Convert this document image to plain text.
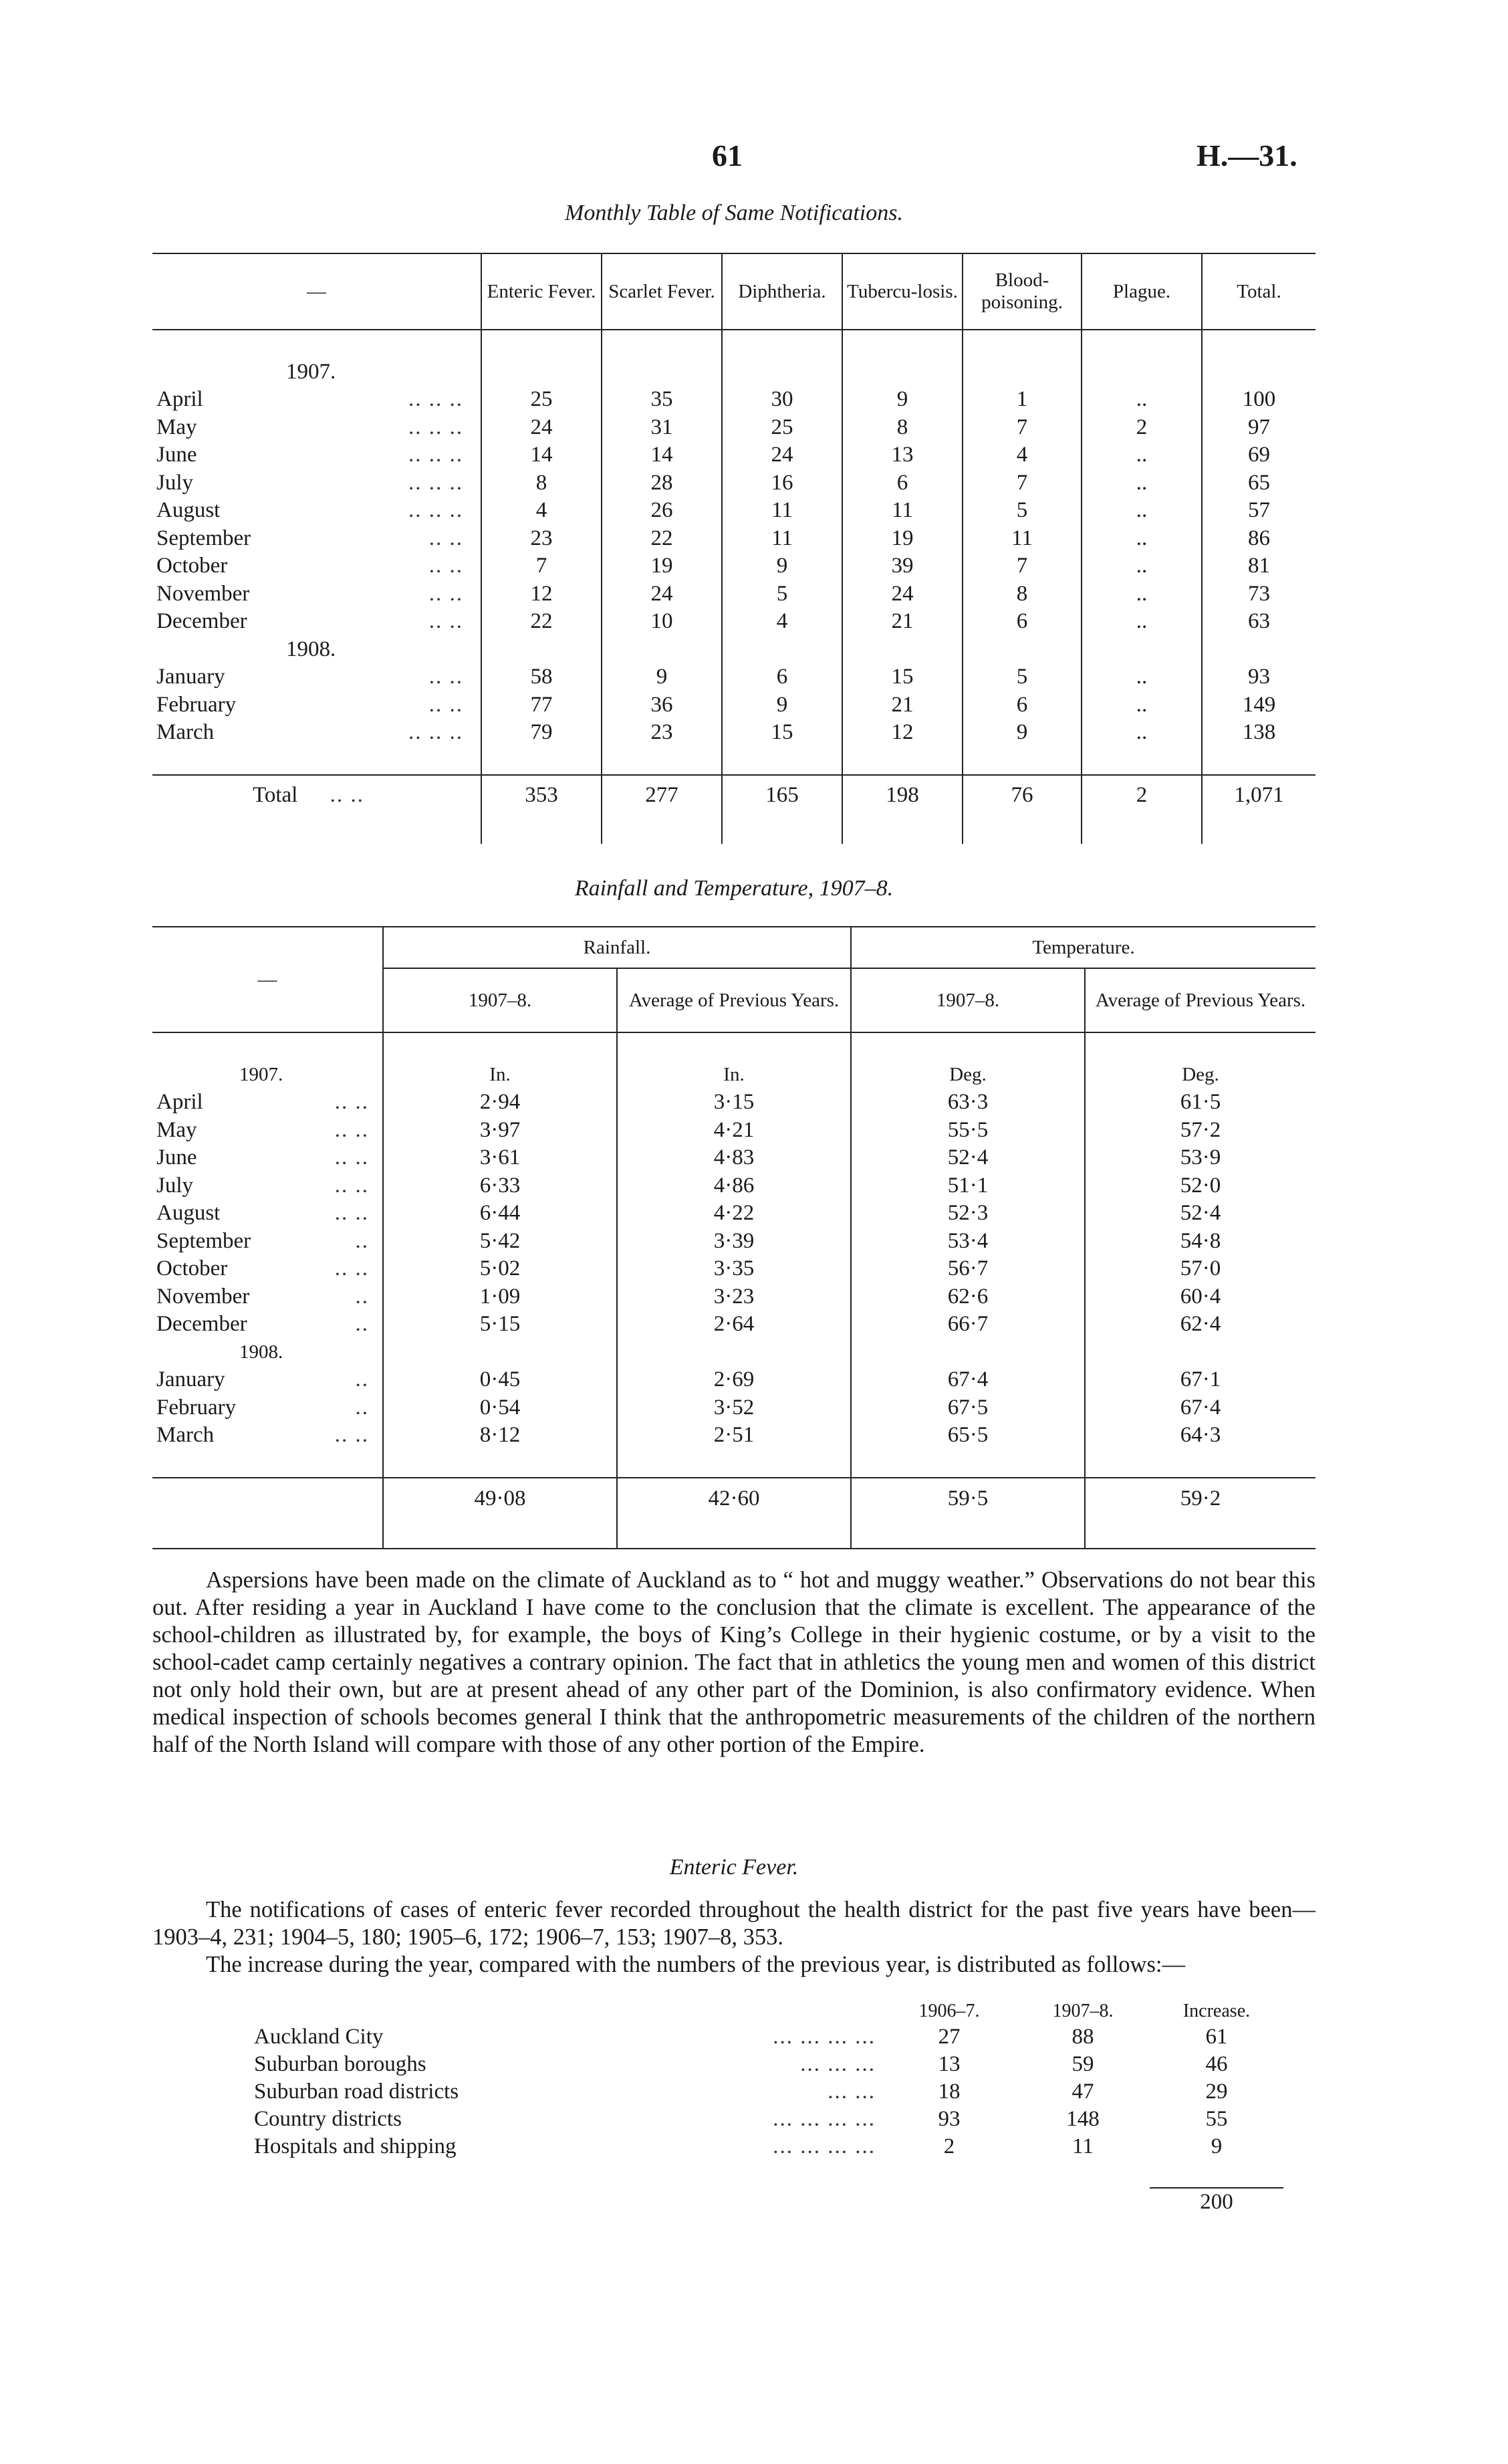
61	H.—31.
Monthly Table of Same Notifications.
—	Enteric Fever.	Scarlet Fever.	Diphtheria.	Tubercu-losis.	Blood-poisoning.	Plague.	Total.

1907.							
April .. .. ..	25	35	30	9	1	..	100
May .. .. ..	24	31	25	8	7	2	97
June .. .. ..	14	14	24	13	4	..	69
July .. .. ..	8	28	16	6	7	..	65
August .. .. ..	4	26	11	11	5	..	57
September .. ..	23	22	11	19	11	..	86
October .. ..	7	19	9	39	7	..	81
November .. ..	12	24	5	24	8	..	73
December .. ..	22	10	4	21	6	..	63
1908.							
January .. ..	58	9	6	15	5	..	93
February .. ..	77	36	9	21	6	..	149
March .. .. ..	79	23	15	12	9	..	138

Total .. ..	353	277	165	198	76	2	1,071

Rainfall and Temperature, 1907–8.
—	Rainfall.		Temperature.	
	1907–8.	Average of Previous Years.	1907–8.	Average of Previous Years.

1907.	In.	In.	Deg.	Deg.
April .. ..	2·94	3·15	63·3	61·5
May .. ..	3·97	4·21	55·5	57·2
June .. ..	3·61	4·83	52·4	53·9
July .. ..	6·33	4·86	51·1	52·0
August .. ..	6·44	4·22	52·3	52·4
September ..	5·42	3·39	53·4	54·8
October .. ..	5·02	3·35	56·7	57·0
November ..	1·09	3·23	62·6	60·4
December ..	5·15	2·64	66·7	62·4
1908.				
January ..	0·45	2·69	67·4	67·1
February ..	0·54	3·52	67·5	67·4
March .. ..	8·12	2·51	65·5	64·3

	49·08	42·60	59·5	59·2

Aspersions have been made on the climate of Auckland as to “ hot and muggy weather.” Observations do not bear this out. After residing a year in Auckland I have come to the conclusion that the climate is excellent. The appearance of the school-children as illustrated by, for example, the boys of King’s College in their hygienic costume, or by a visit to the school-cadet camp certainly negatives a contrary opinion. The fact that in athletics the young men and women of this district not only hold their own, but are at present ahead of any other part of the Dominion, is also confirmatory evidence. When medical inspection of schools becomes general I think that the anthropometric measurements of the children of the northern half of the North Island will compare with those of any other portion of the Empire.

Enteric Fever.

The notifications of cases of enteric fever recorded throughout the health district for the past five years have been—1903–4, 231; 1904–5, 180; 1905–6, 172; 1906–7, 153; 1907–8, 353.

The increase during the year, compared with the numbers of the previous year, is distributed as follows:—

	1906–7.	1907–8.	Increase.
Auckland City ... ... ... ...	27	88	61
Suburban boroughs ... ... ...	13	59	46
Suburban road districts ... ...	18	47	29
Country districts ... ... ... ...	93	148	55
Hospitals and shipping ... ... ... ...	2	11	9

			200
